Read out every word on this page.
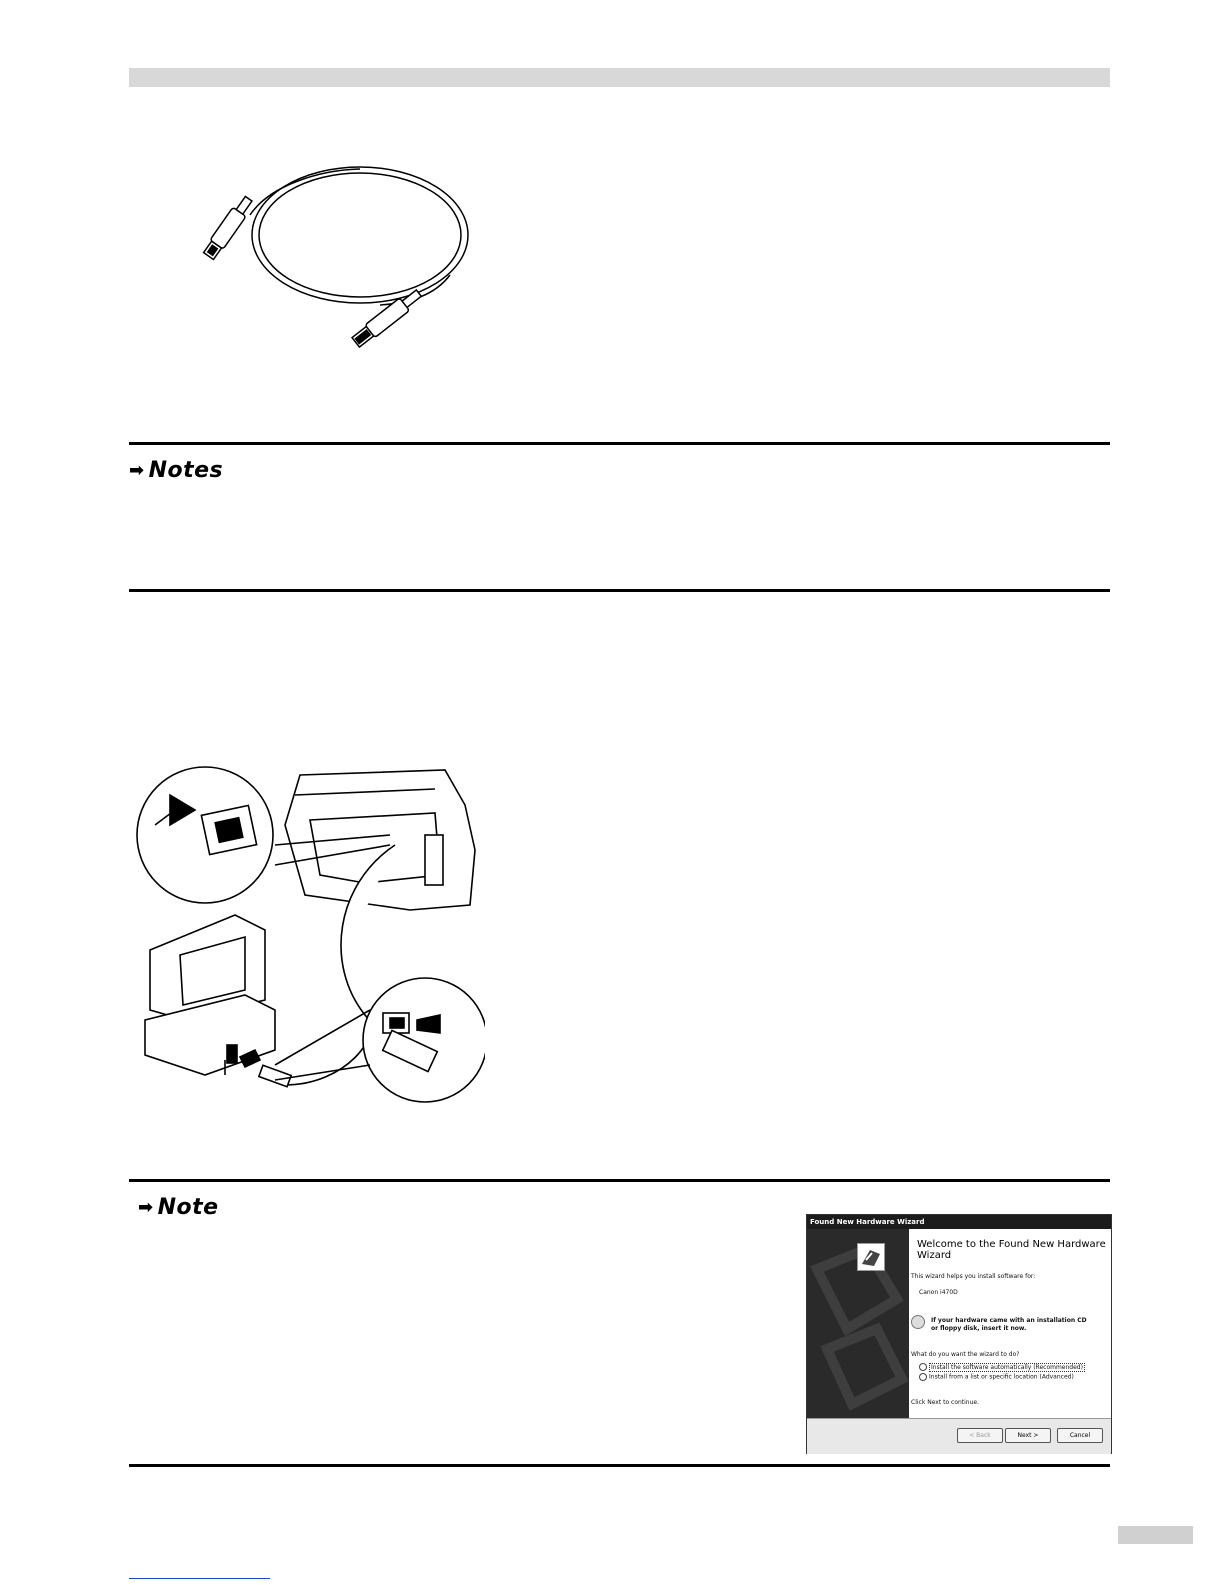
➡ Notes
➡ Note
Found New Hardware Wizard
Welcome to the Found New Hardware Wizard
This wizard helps you install software for:
Canon i470D
If your hardware came with an installation CD
or floppy disk, insert it now.
What do you want the wizard to do?
Install the software automatically (Recommended)
Install from a list or specific location (Advanced)
Click Next to continue.
< Back	Next >	Cancel
